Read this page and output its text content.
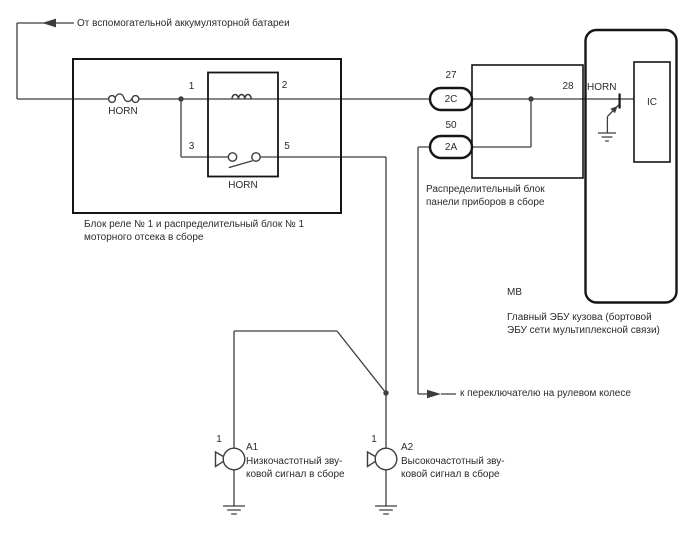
От вспомогательной аккумуляторной батареи
HORN
1	2
3	5
HORN
Блок реле № 1 и распределительный блок № 1
моторного отсека в сборе
27
2C
50
2A
Распределительный блок
панели приборов в сборе
28 HORN
IC
MB
Главный ЭБУ кузова (бортовой
ЭБУ сети мультиплексной связи)
к переключателю на рулевом колесе
1
A1
Низкочастотный зву-
ковой сигнал в сборе
1
A2
Высокочастотный зву-
ковой сигнал в сборе
